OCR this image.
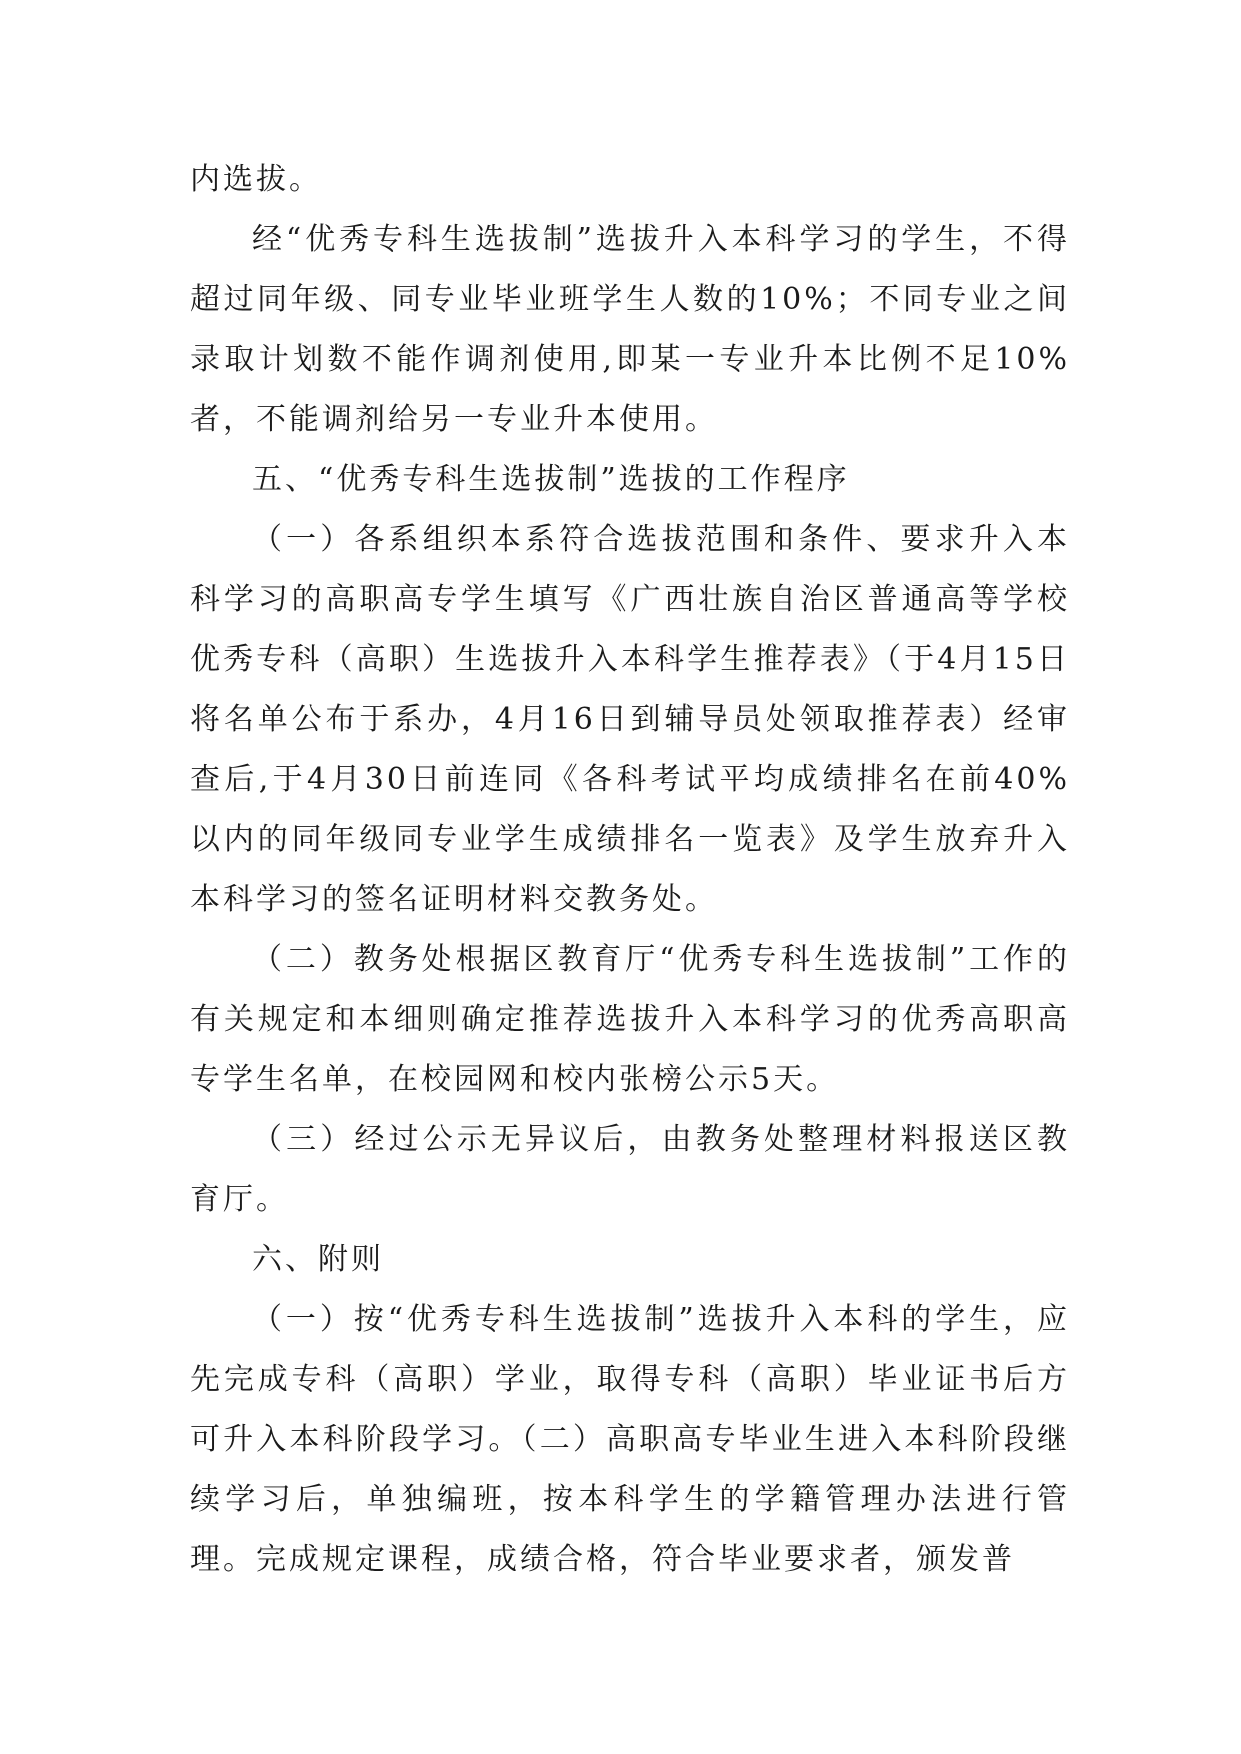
内选拔。

经“优秀专科生选拔制”选拔升入本科学习的学生，不得超过同年级、同专业毕业班学生人数的10%；不同专业之间录取计划数不能作调剂使用,即某一专业升本比例不足10%者，不能调剂给另一专业升本使用。

五、“优秀专科生选拔制”选拔的工作程序

（一）各系组织本系符合选拔范围和条件、要求升入本科学习的高职高专学生填写《广西壮族自治区普通高等学校优秀专科（高职）生选拔升入本科学生推荐表》（于4月15日将名单公布于系办，4月16日到辅导员处领取推荐表）经审查后,于4月30日前连同《各科考试平均成绩排名在前40%以内的同年级同专业学生成绩排名一览表》及学生放弃升入本科学习的签名证明材料交教务处。

（二）教务处根据区教育厅“优秀专科生选拔制”工作的有关规定和本细则确定推荐选拔升入本科学习的优秀高职高专学生名单，在校园网和校内张榜公示5天。

（三）经过公示无异议后，由教务处整理材料报送区教育厅。

六、附则

（一）按“优秀专科生选拔制”选拔升入本科的学生，应先完成专科（高职）学业，取得专科（高职）毕业证书后方可升入本科阶段学习。（二）高职高专毕业生进入本科阶段继续学习后，单独编班，按本科学生的学籍管理办法进行管理。完成规定课程，成绩合格，符合毕业要求者，颁发普
